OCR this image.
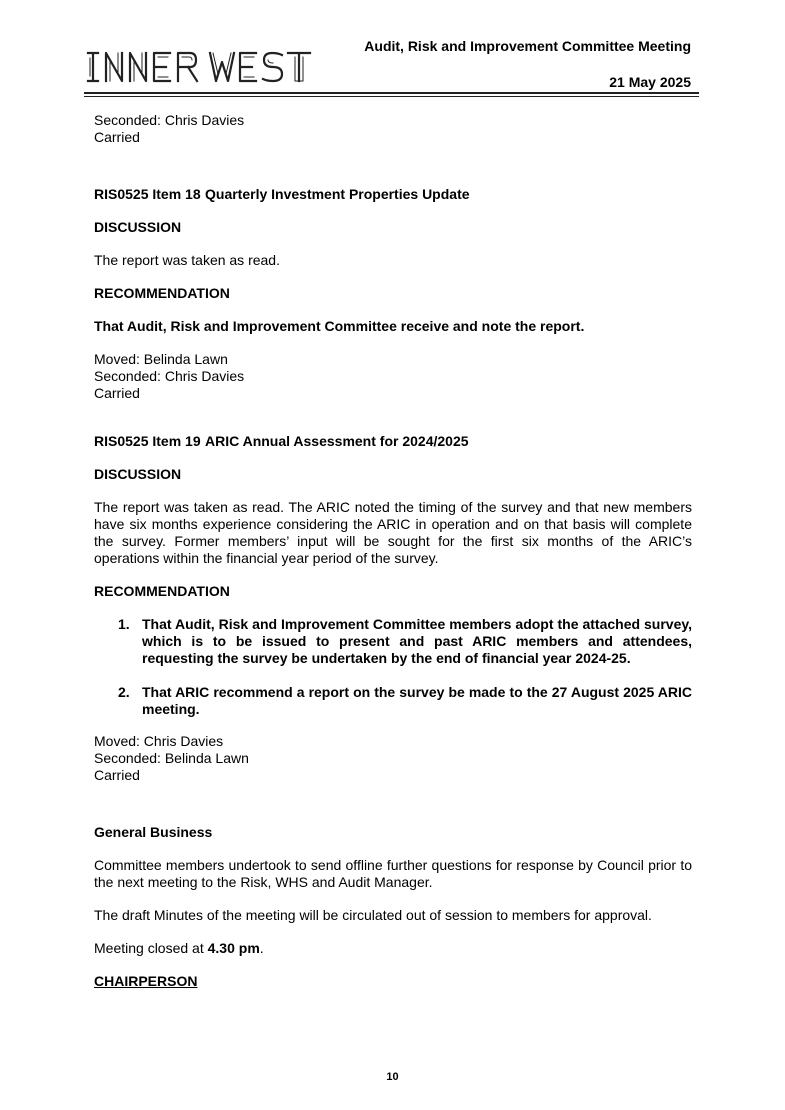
Audit, Risk and Improvement Committee Meeting
21 May 2025

Seconded: Chris Davies

Carried

RIS0525 Item 18 Quarterly Investment Properties Update

DISCUSSION

The report was taken as read.

RECOMMENDATION

That Audit, Risk and Improvement Committee receive and note the report.

Moved: Belinda Lawn

Seconded: Chris Davies

Carried

RIS0525 Item 19 ARIC Annual Assessment for 2024/2025

DISCUSSION

The report was taken as read. The ARIC noted the timing of the survey and that new members have six months experience considering the ARIC in operation and on that basis will complete the survey. Former members’ input will be sought for the first six months of the ARIC’s operations within the financial year period of the survey.

RECOMMENDATION

1. That Audit, Risk and Improvement Committee members adopt the attached survey, which is to be issued to present and past ARIC members and attendees, requesting the survey be undertaken by the end of financial year 2024-25.
2. That ARIC recommend a report on the survey be made to the 27 August 2025 ARIC meeting.

Moved: Chris Davies

Seconded: Belinda Lawn

Carried

General Business

Committee members undertook to send offline further questions for response by Council prior to the next meeting to the Risk, WHS and Audit Manager.

The draft Minutes of the meeting will be circulated out of session to members for approval.

Meeting closed at 4.30 pm.

CHAIRPERSON

10
